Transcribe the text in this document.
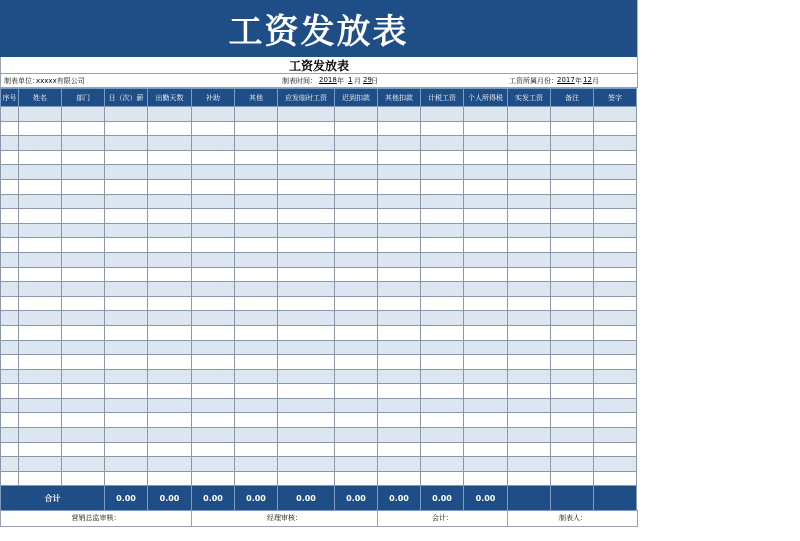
工资发放表
工资发放表
制表单位：
xxxxx有限公司	制表时间： 2018 年 1 月 29 日	工资所属月份： 2017 年 12 月
序号	姓名	部门	日（次）薪	出勤天数	补助	其他	应发临时工资	迟到扣款	其他扣款	计税工资	个人所得税	实发工资	备注	签字

合计			0.00	0.00	0.00	0.00	0.00	0.00	0.00	0.00	0.00			
营销总监审核：	经理审核：	会计：	制表人：
